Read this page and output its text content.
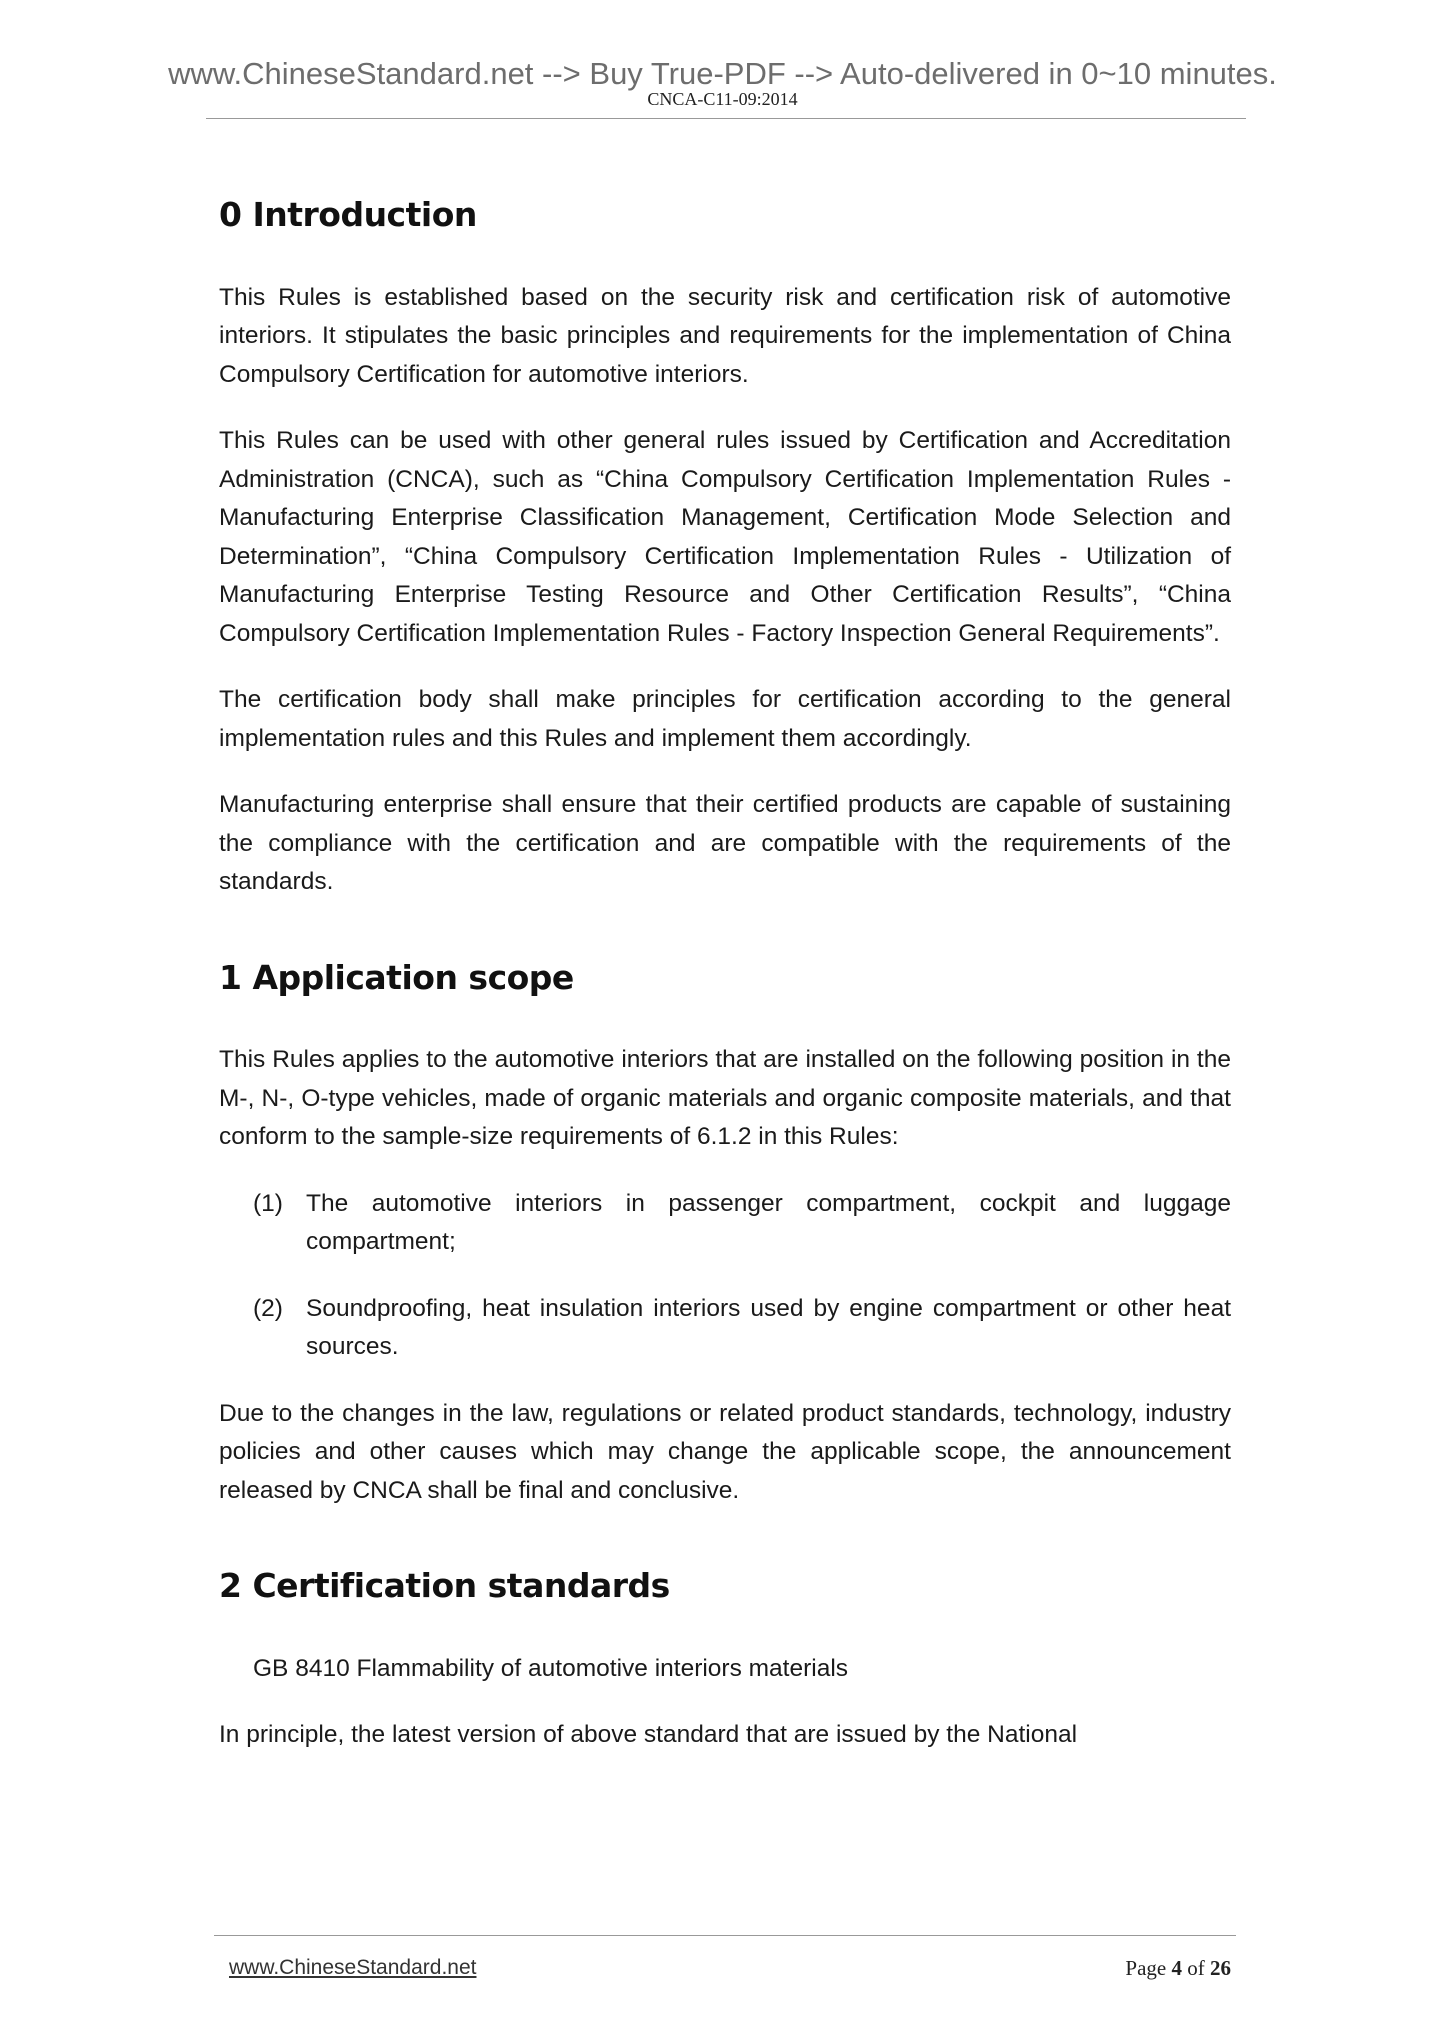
www.ChineseStandard.net --> Buy True-PDF --> Auto-delivered in 0~10 minutes.
CNCA-C11-09:2014
0 Introduction

This Rules is established based on the security risk and certification risk of automotive interiors. It stipulates the basic principles and requirements for the implementation of China Compulsory Certification for automotive interiors.

This Rules can be used with other general rules issued by Certification and Accreditation Administration (CNCA), such as “China Compulsory Certification Implementation Rules - Manufacturing Enterprise Classification Management, Certification Mode Selection and Determination”, “China Compulsory Certification Implementation Rules - Utilization of Manufacturing Enterprise Testing Resource and Other Certification Results”, “China Compulsory Certification Implementation Rules - Factory Inspection General Requirements”.

The certification body shall make principles for certification according to the general implementation rules and this Rules and implement them accordingly.

Manufacturing enterprise shall ensure that their certified products are capable of sustaining the compliance with the certification and are compatible with the requirements of the standards.

1 Application scope

This Rules applies to the automotive interiors that are installed on the following position in the M-, N-, O-type vehicles, made of organic materials and organic composite materials, and that conform to the sample-size requirements of 6.1.2 in this Rules:

(1) The automotive interiors in passenger compartment, cockpit and luggage compartment;
(2) Soundproofing, heat insulation interiors used by engine compartment or other heat sources.

Due to the changes in the law, regulations or related product standards, technology, industry policies and other causes which may change the applicable scope, the announcement released by CNCA shall be final and conclusive.

2 Certification standards

GB 8410 Flammability of automotive interiors materials

In principle, the latest version of above standard that are issued by the National

www.ChineseStandard.net	Page 4 of 26
